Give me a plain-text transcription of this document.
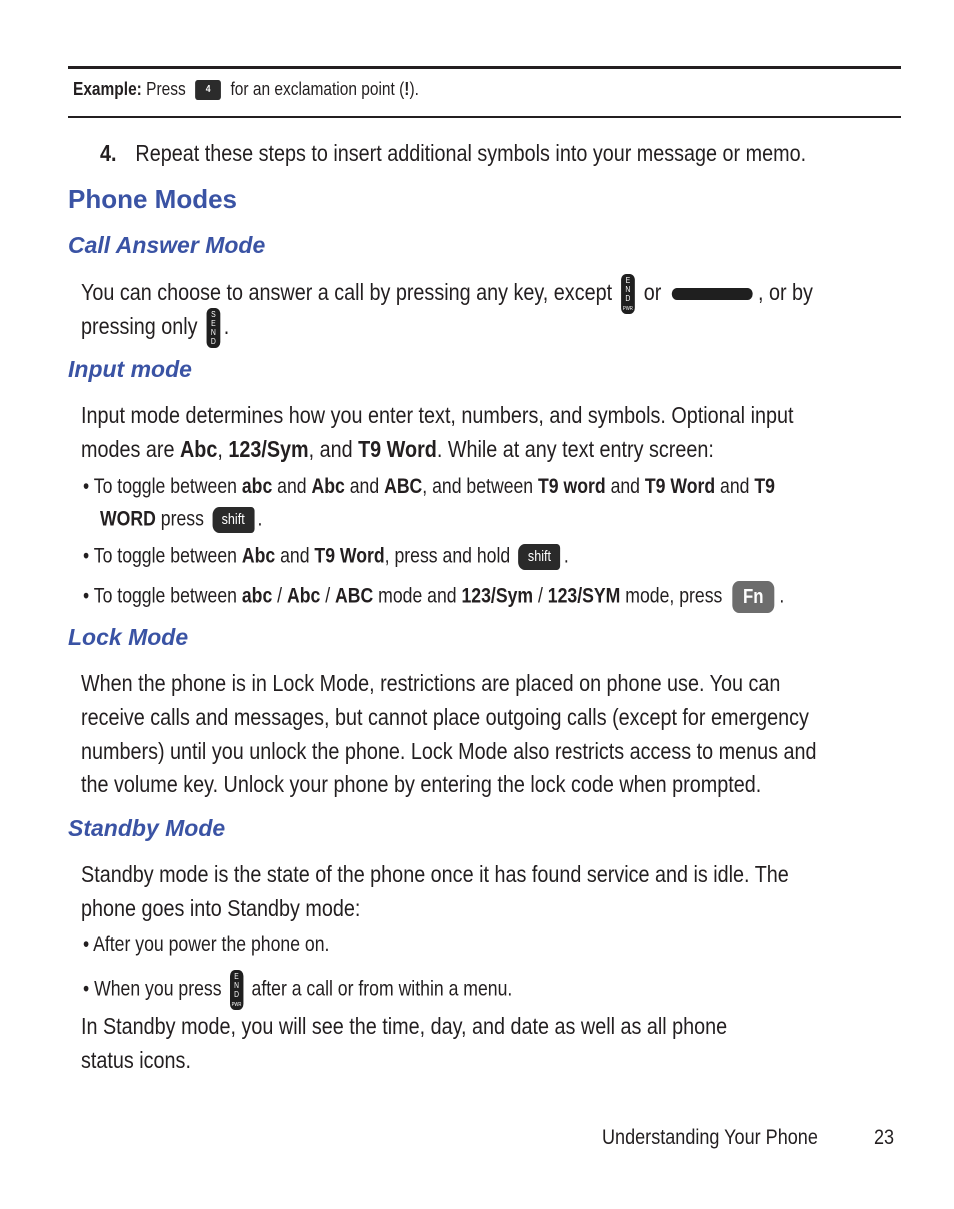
Example: Press 4 for an exclamation point (!).
4. Repeat these steps to insert additional symbols into your message or memo.
Phone Modes
Call Answer Mode
You can choose to answer a call by pressing any key, except E
N
D
PWR or	, or by
pressing only S
E
N
D.
Input mode
Input mode determines how you enter text, numbers, and symbols. Optional input
modes are Abc, 123/Sym, and T9 Word. While at any text entry screen:
• To toggle between abc and Abc and ABC, and between T9 word and T9 Word and T9
WORD press shift .
• To toggle between Abc and T9 Word, press and hold shift .
• To toggle between abc / Abc / ABC mode and 123/Sym / 123/SYM mode, press Fn .
Lock Mode
When the phone is in Lock Mode, restrictions are placed on phone use. You can
receive calls and messages, but cannot place outgoing calls (except for emergency
numbers) until you unlock the phone. Lock Mode also restricts access to menus and
the volume key. Unlock your phone by entering the lock code when prompted.
Standby Mode
Standby mode is the state of the phone once it has found service and is idle. The
phone goes into Standby mode:
• After you power the phone on.
• When you press E
N
D
PWR after a call or from within a menu.
In Standby mode, you will see the time, day, and date as well as all phone
status icons.
Understanding Your Phone	23
